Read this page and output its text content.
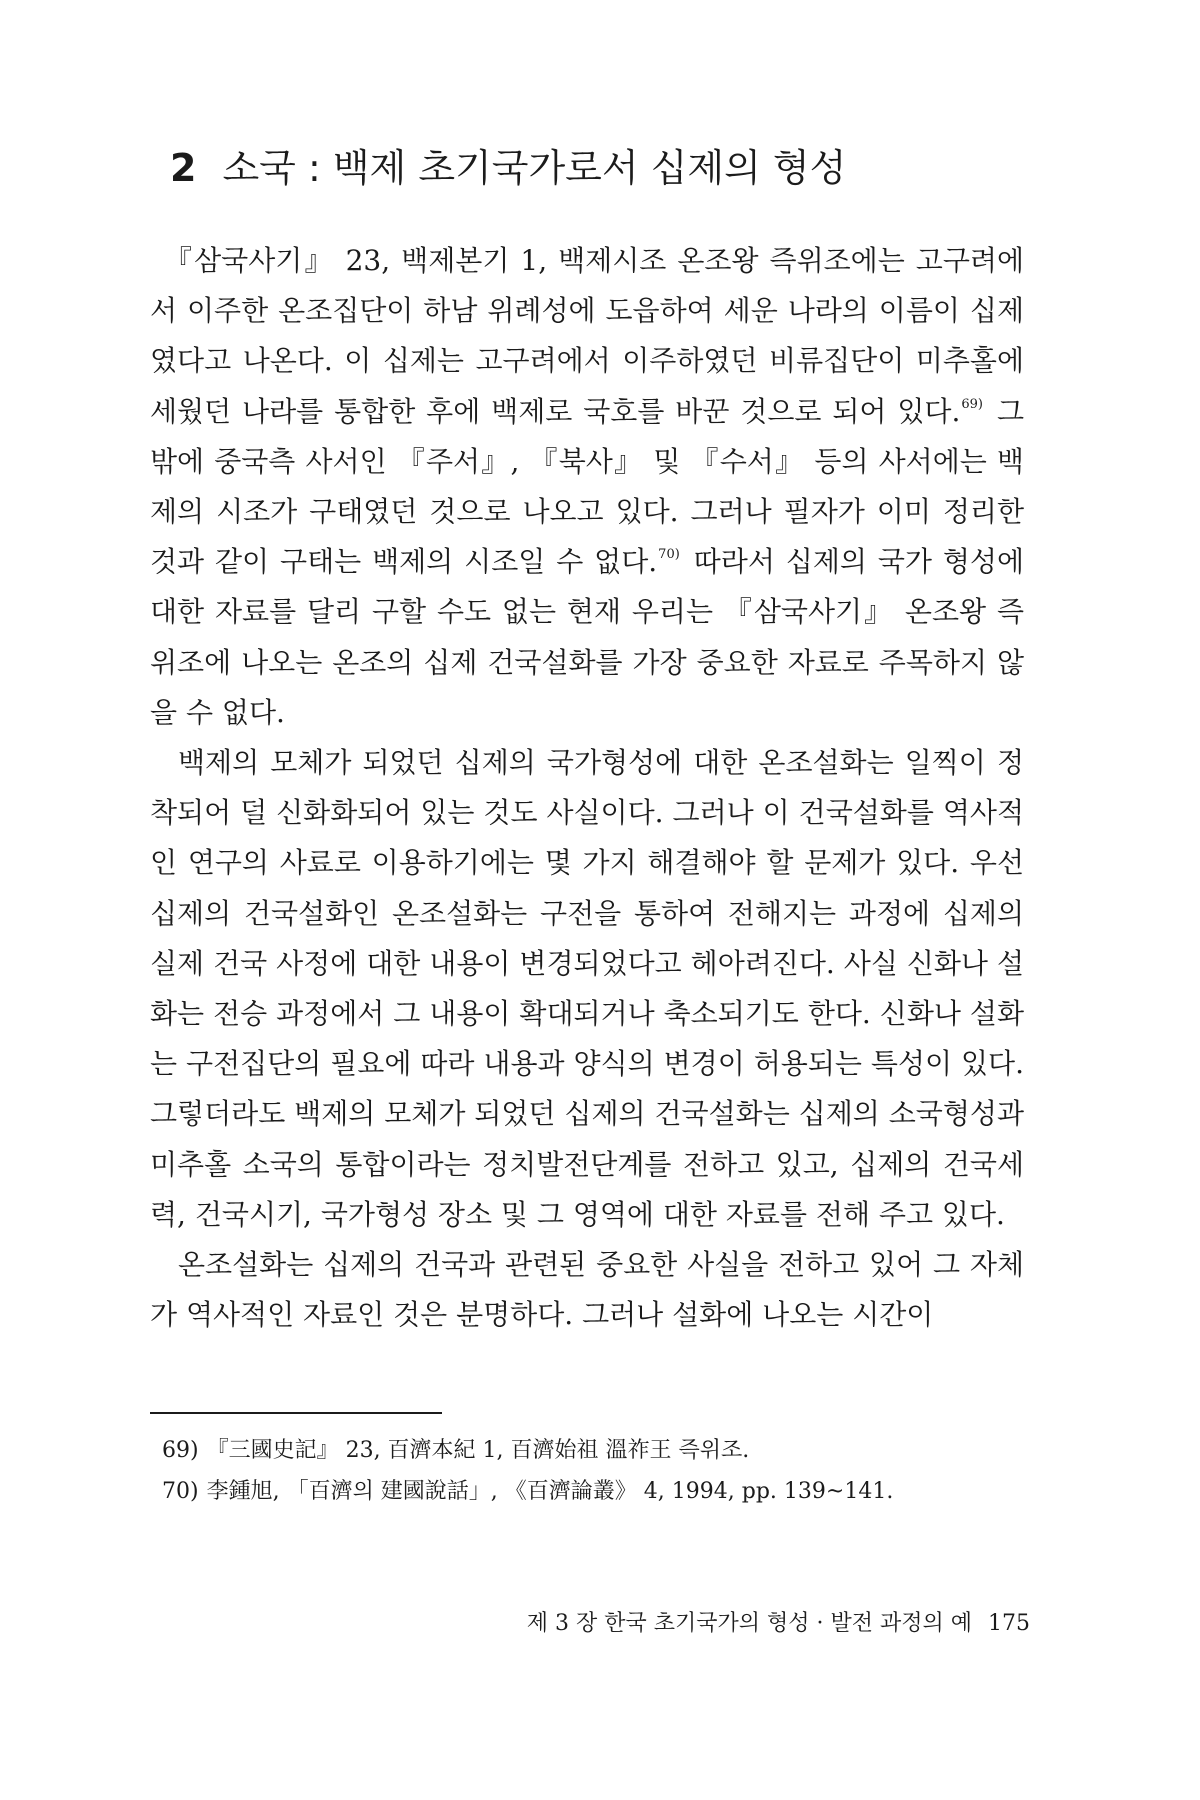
2 소국 : 백제 초기국가로서 십제의 형성

『삼국사기』 23, 백제본기 1, 백제시조 온조왕 즉위조에는 고구려에서 이주한 온조집단이 하남 위례성에 도읍하여 세운 나라의 이름이 십제였다고 나온다. 이 십제는 고구려에서 이주하였던 비류집단이 미추홀에 세웠던 나라를 통합한 후에 백제로 국호를 바꾼 것으로 되어 있다.$^{69)}$ 그 밖에 중국측 사서인 『주서』, 『북사』 및 『수서』 등의 사서에는 백제의 시조가 구태였던 것으로 나오고 있다. 그러나 필자가 이미 정리한 것과 같이 구태는 백제의 시조일 수 없다.$^{70)}$ 따라서 십제의 국가 형성에 대한 자료를 달리 구할 수도 없는 현재 우리는 『삼국사기』 온조왕 즉위조에 나오는 온조의 십제 건국설화를 가장 중요한 자료로 주목하지 않을 수 없다.

백제의 모체가 되었던 십제의 국가형성에 대한 온조설화는 일찍이 정착되어 덜 신화화되어 있는 것도 사실이다. 그러나 이 건국설화를 역사적인 연구의 사료로 이용하기에는 몇 가지 해결해야 할 문제가 있다. 우선 십제의 건국설화인 온조설화는 구전을 통하여 전해지는 과정에 십제의 실제 건국 사정에 대한 내용이 변경되었다고 헤아려진다. 사실 신화나 설화는 전승 과정에서 그 내용이 확대되거나 축소되기도 한다. 신화나 설화는 구전집단의 필요에 따라 내용과 양식의 변경이 허용되는 특성이 있다. 그렇더라도 백제의 모체가 되었던 십제의 건국설화는 십제의 소국형성과 미추홀 소국의 통합이라는 정치발전단계를 전하고 있고, 십제의 건국세력, 건국시기, 국가형성 장소 및 그 영역에 대한 자료를 전해 주고 있다.

온조설화는 십제의 건국과 관련된 중요한 사실을 전하고 있어 그 자체가 역사적인 자료인 것은 분명하다. 그러나 설화에 나오는 시간이

69) 『三國史記』 23, 百濟本紀 1, 百濟始祖 溫祚王 즉위조.

70) 李鍾旭, 「百濟의 建國說話」, 《百濟論叢》 4, 1994, pp. 139~141.

제 3 장 한국 초기국가의 형성 · 발전 과정의 예 175
